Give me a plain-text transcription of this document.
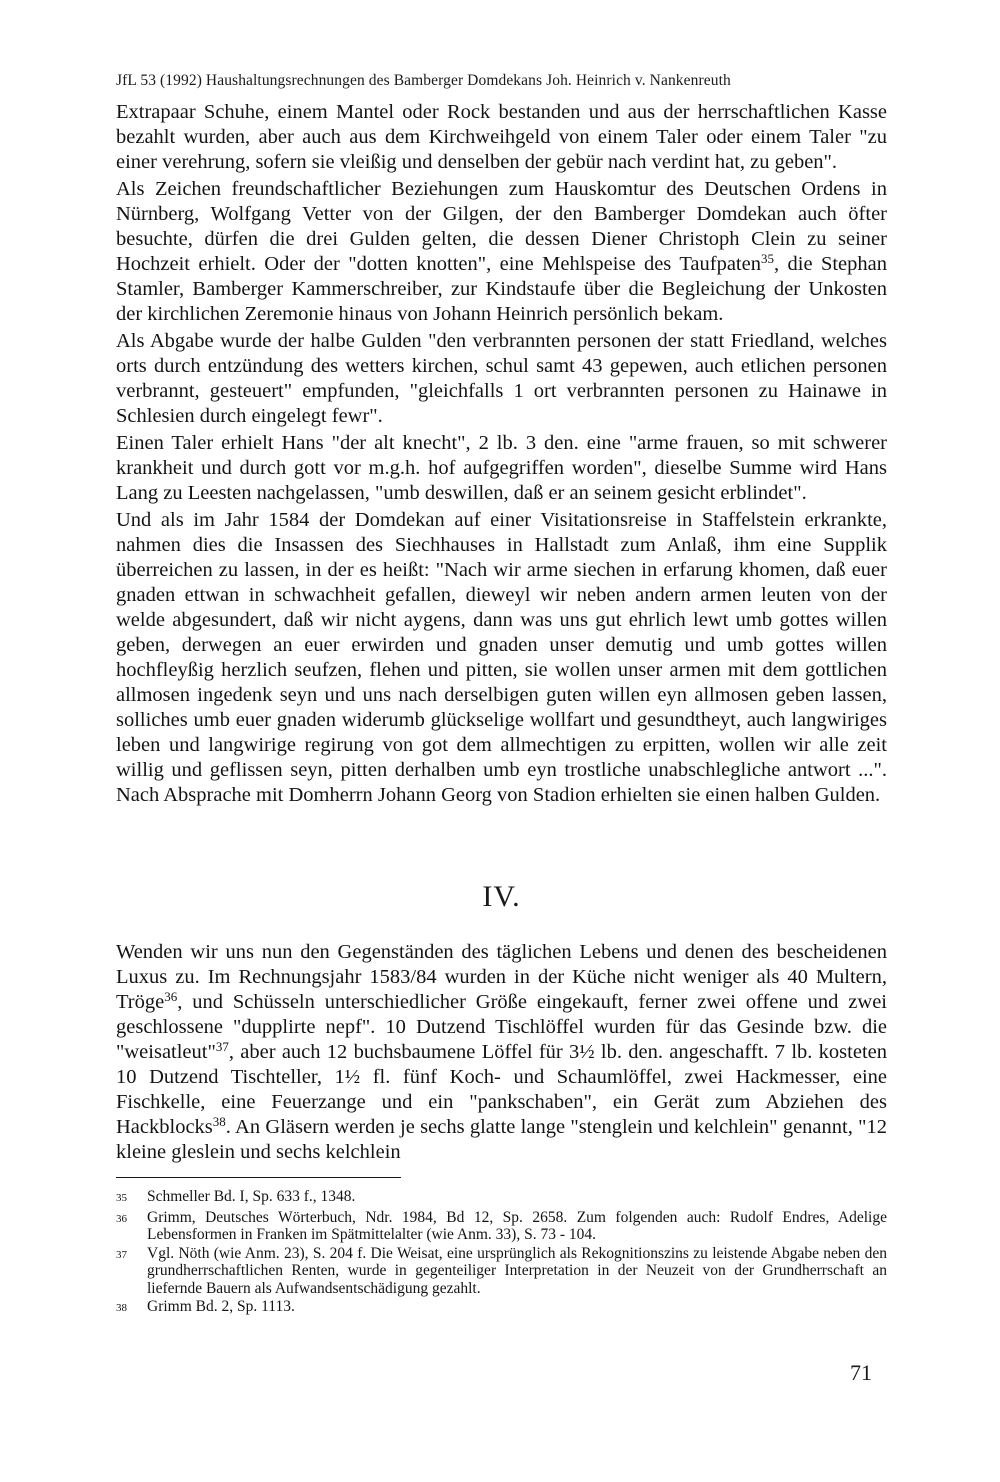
JfL 53 (1992) Haushaltungsrechnungen des Bamberger Domdekans Joh. Heinrich v. Nankenreuth

Extrapaar Schuhe, einem Mantel oder Rock bestanden und aus der herrschaftlichen Kasse bezahlt wurden, aber auch aus dem Kirchweihgeld von einem Taler oder einem Taler "zu einer verehrung, sofern sie vleißig und denselben der gebür nach verdint hat, zu geben".

Als Zeichen freundschaftlicher Beziehungen zum Hauskomtur des Deutschen Ordens in Nürnberg, Wolfgang Vetter von der Gilgen, der den Bamberger Domdekan auch öfter besuchte, dürfen die drei Gulden gelten, die dessen Diener Christoph Clein zu seiner Hochzeit erhielt. Oder der "dotten knotten", eine Mehlspeise des Taufpaten$^{35}$, die Stephan Stamler, Bamberger Kammerschreiber, zur Kindstaufe über die Begleichung der Unkosten der kirchlichen Zeremonie hinaus von Johann Heinrich persönlich bekam.

Als Abgabe wurde der halbe Gulden "den verbrannten personen der statt Friedland, welches orts durch entzündung des wetters kirchen, schul samt 43 gepewen, auch etlichen personen verbrannt, gesteuert" empfunden, "gleichfalls 1 ort verbrannten personen zu Hainawe in Schlesien durch eingelegt fewr".

Einen Taler erhielt Hans "der alt knecht", 2 lb. 3 den. eine "arme frauen, so mit schwerer krankheit und durch gott vor m.g.h. hof aufgegriffen worden", dieselbe Summe wird Hans Lang zu Leesten nachgelassen, "umb deswillen, daß er an seinem gesicht erblindet".

Und als im Jahr 1584 der Domdekan auf einer Visitationsreise in Staffelstein erkrankte, nahmen dies die Insassen des Siechhauses in Hallstadt zum Anlaß, ihm eine Supplik überreichen zu lassen, in der es heißt: "Nach wir arme siechen in erfarung khomen, daß euer gnaden ettwan in schwachheit gefallen, dieweyl wir neben andern armen leuten von der welde abgesundert, daß wir nicht aygens, dann was uns gut ehrlich lewt umb gottes willen geben, derwegen an euer erwirden und gnaden unser demutig und umb gottes willen hochfleyßig herzlich seufzen, flehen und pitten, sie wollen unser armen mit dem gottlichen allmosen ingedenk seyn und uns nach derselbigen guten willen eyn allmosen geben lassen, solliches umb euer gnaden widerumb glückselige wollfart und gesundtheyt, auch langwiriges leben und langwirige regirung von got dem allmechtigen zu erpitten, wollen wir alle zeit willig und geflissen seyn, pitten derhalben umb eyn trostliche unabschlegliche antwort ...". Nach Absprache mit Domherrn Johann Georg von Stadion erhielten sie einen halben Gulden.

IV.

Wenden wir uns nun den Gegenständen des täglichen Lebens und denen des bescheidenen Luxus zu. Im Rechnungsjahr 1583/84 wurden in der Küche nicht weniger als 40 Multern, Tröge$^{36}$, und Schüsseln unterschiedlicher Größe eingekauft, ferner zwei offene und zwei geschlossene "dupplirte nepf". 10 Dutzend Tischlöffel wurden für das Gesinde bzw. die "weisatleut"$^{37}$, aber auch 12 buchsbaumene Löffel für 3½ lb. den. angeschafft. 7 lb. kosteten 10 Dutzend Tischteller, 1½ fl. fünf Koch- und Schaumlöffel, zwei Hackmesser, eine Fischkelle, eine Feuerzange und ein "pankschaben", ein Gerät zum Abziehen des Hackblocks$^{38}$. An Gläsern werden je sechs glatte lange "stenglein und kelchlein" genannt, "12 kleine gleslein und sechs kelchlein

35	Schmeller Bd. I, Sp. 633 f., 1348.
36	Grimm, Deutsches Wörterbuch, Ndr. 1984, Bd 12, Sp. 2658. Zum folgenden auch: Rudolf Endres, Adelige Lebensformen in Franken im Spätmittelalter (wie Anm. 33), S. 73 - 104.
37	Vgl. Nöth (wie Anm. 23), S. 204 f. Die Weisat, eine ursprünglich als Rekognitionszins zu leistende Abgabe neben den grundherrschaftlichen Renten, wurde in gegenteiliger Interpretation in der Neuzeit von der Grundherrschaft an liefernde Bauern als Aufwandsentschädigung gezahlt.
38	Grimm Bd. 2, Sp. 1113.
71
